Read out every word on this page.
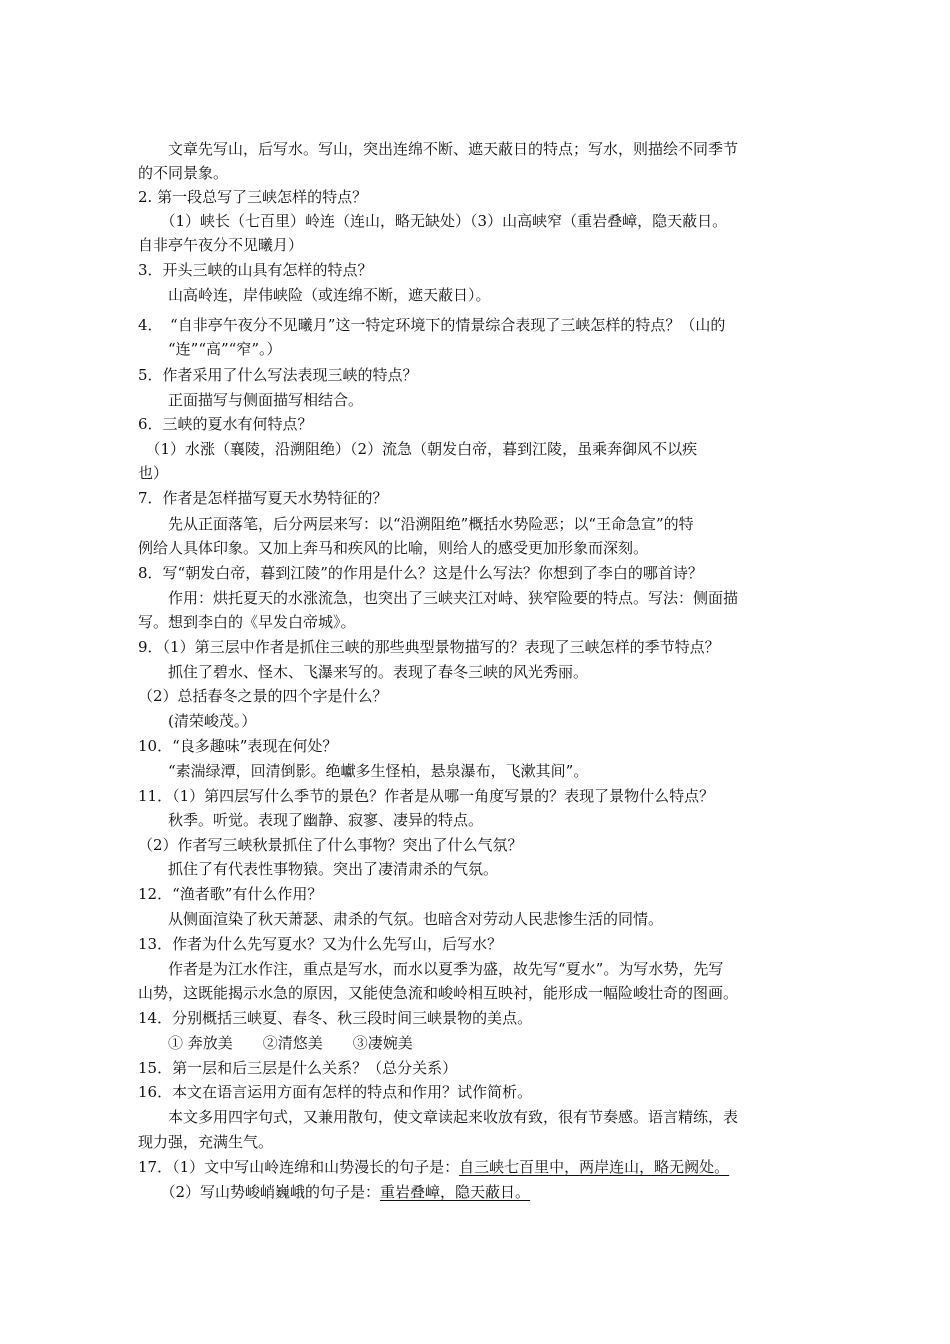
　　文章先写山，后写水。写山，突出连绵不断、遮天蔽日的特点；写水，则描绘不同季节
的不同景象。
2. 第一段总写了三峡怎样的特点？
　　（1）峡长（七百里）岭连（连山，略无缺处）（3）山高峡窄（重岩叠嶂，隐天蔽日。
自非亭午夜分不见曦月）
3．开头三峡的山具有怎样的特点？
　　山高岭连，岸伟峡险（或连绵不断，遮天蔽日）。
4．　“自非亭午夜分不见曦月”这一特定环境下的情景综合表现了三峡怎样的特点？（山的
　　“连”“高”“窄”。）
5．作者采用了什么写法表现三峡的特点？
　　正面描写与侧面描写相结合。
6．三峡的夏水有何特点？
　（1）水涨（襄陵，沿溯阻绝）（2）流急（朝发白帝，暮到江陵，虽乘奔御风不以疾
也）
7．作者是怎样描写夏天水势特征的？
　　先从正面落笔，后分两层来写：以“沿溯阻绝”概括水势险恶；以“王命急宣”的特
例给人具体印象。又加上奔马和疾风的比喻，则给人的感受更加形象而深刻。
8．写“朝发白帝，暮到江陵”的作用是什么？这是什么写法？你想到了李白的哪首诗？
　　作用：烘托夏天的水涨流急，也突出了三峡夹江对峙、狭窄险要的特点。写法：侧面描
写。想到李白的《早发白帝城》。
9．（1）第三层中作者是抓住三峡的那些典型景物描写的？表现了三峡怎样的季节特点？
　　抓住了碧水、怪木、飞瀑来写的。表现了春冬三峡的风光秀丽。
（2）总括春冬之景的四个字是什么？
　　(清荣峻茂。）
10．“良多趣味”表现在何处？
　　“素湍绿潭，回清倒影。绝巘多生怪柏，悬泉瀑布，飞漱其间”。
11．（1）第四层写什么季节的景色？作者是从哪一角度写景的？表现了景物什么特点？
　　秋季。听觉。表现了幽静、寂寥、凄异的特点。
（2）作者写三峡秋景抓住了什么事物？突出了什么气氛？
　　抓住了有代表性事物猿。突出了凄清肃杀的气氛。
12．“渔者歌”有什么作用？
　　从侧面渲染了秋天萧瑟、肃杀的气氛。也暗含对劳动人民悲惨生活的同情。
13．作者为什么先写夏水？又为什么先写山，后写水？
　　作者是为江水作注，重点是写水，而水以夏季为盛，故先写“夏水”。为写水势，先写
山势，这既能揭示水急的原因，又能使急流和峻岭相互映衬，能形成一幅险峻壮奇的图画。
14．分别概括三峡夏、春冬、秋三段时间三峡景物的美点。
　　① 奔放美　　②清悠美　　③凄婉美
15．第一层和后三层是什么关系？（总分关系）
16．本文在语言运用方面有怎样的特点和作用？试作简析。
　　本文多用四字句式，又兼用散句，使文章读起来收放有致，很有节奏感。语言精练，表
现力强，充满生气。
17．（1）文中写山岭连绵和山势漫长的句子是：自三峡七百里中，两岸连山，略无阙处。
　　（2）写山势峻峭巍峨的句子是：重岩叠嶂，隐天蔽日。
